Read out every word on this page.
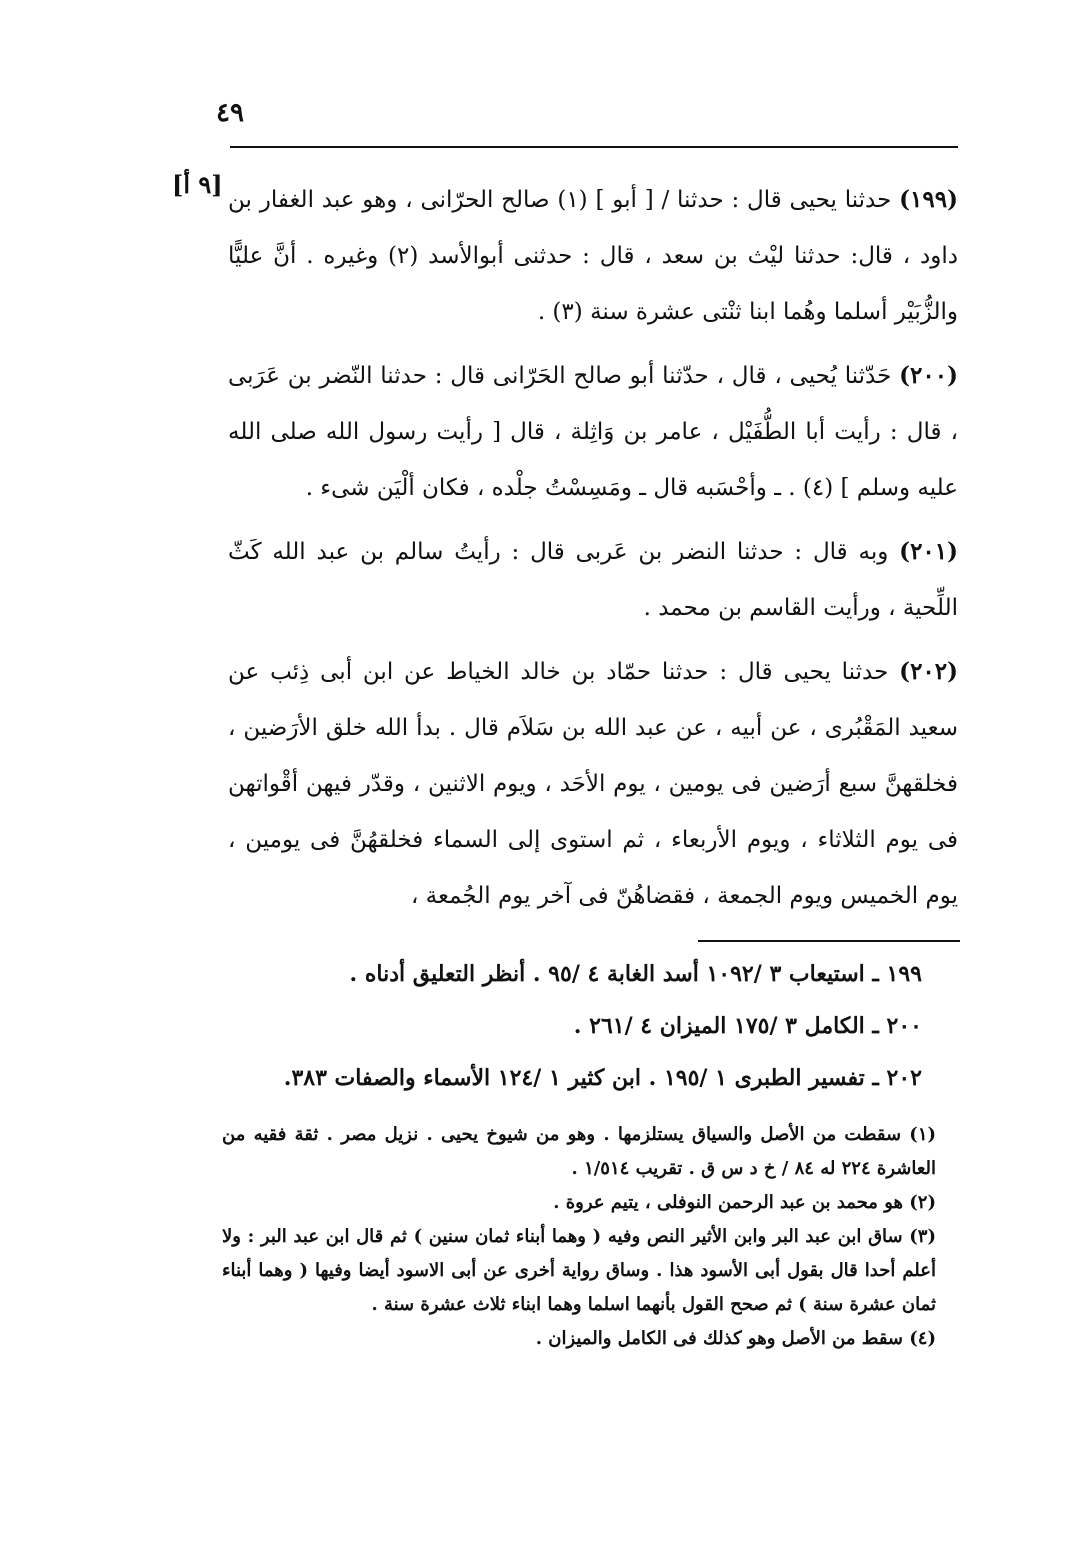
٤٩
[٩ أ]

(١٩٩) حدثنا يحيى قال : حدثنا / [ أبو ] (١) صالح الحرّانى ، وهو عبد الغفار بن داود ، قال: حدثنا ليْث بن سعد ، قال : حدثنى أبوالأسد (٢) وغيره . أنَّ عليًّا والزُّبَيْر أسلما وهُما ابنا ثنْتى عشرة سنة (٣) .

(٢٠٠) حَدّثنا يُحيى ، قال ، حدّثنا أبو صالح الحَرّانى قال : حدثنا النّضر بن عَرَبى ، قال : رأيت أبا الطُّفَيْل ، عامر بن وَاثِلة ، قال [ رأيت رسول الله صلى الله عليه وسلم ] (٤) . ـ وأحْسَبه قال ـ ومَسِسْتُ جلْده ، فكان ألْيَن شىء .

(٢٠١) وبه قال : حدثنا النضر بن عَربى قال : رأيتُ سالم بن عبد الله كَثّ اللِّحية ، ورأيت القاسم بن محمد .

(٢٠٢) حدثنا يحيى قال : حدثنا حمّاد بن خالد الخياط عن ابن أبى ذِئب عن سعيد المَقْبُرى ، عن أبيه ، عن عبد الله بن سَلاَم قال . بدأ الله خلق الأرَضين ، فخلقهنَّ سبع أرَضين فى يومين ، يوم الأحَد ، ويوم الاثنين ، وقدّر فيهن أقْواتهن فى يوم الثلاثاء ، ويوم الأربعاء ، ثم استوى إلى السماء فخلقهُنَّ فى يومين ، يوم الخميس ويوم الجمعة ، فقضاهُنّ فى آخر يوم الجُمعة ،

١٩٩ ـ استيعاب ٣ /١٠٩٢ أسد الغابة ٤ /٩٥ . أنظر التعليق أدناه .
٢٠٠ ـ الكامل ٣ /١٧٥ الميزان ٤ /٢٦١ .
٢٠٢ ـ تفسير الطبرى ١ /١٩٥ . ابن كثير ١ /١٢٤ الأسماء والصفات ٣٨٣.

(١) سقطت من الأصل والسياق يستلزمها . وهو من شيوخ يحيى . نزيل مصر . ثقة فقيه من العاشرة ٢٢٤ له ٨٤ / خ د س ق . تقريب ١/٥١٤ .

(٢) هو محمد بن عبد الرحمن النوفلى ، يتيم عروة .

(٣) ساق ابن عبد البر وابن الأثير النص وفيه ( وهما أبناء ثمان سنين ) ثم قال ابن عبد البر : ولا أعلم أحدا قال بقول أبى الأسود هذا . وساق رواية أخرى عن أبى الاسود أيضا وفيها ( وهما أبناء ثمان عشرة سنة ) ثم صحح القول بأنهما اسلما وهما ابناء ثلاث عشرة سنة .

(٤) سقط من الأصل وهو كذلك فى الكامل والميزان .
